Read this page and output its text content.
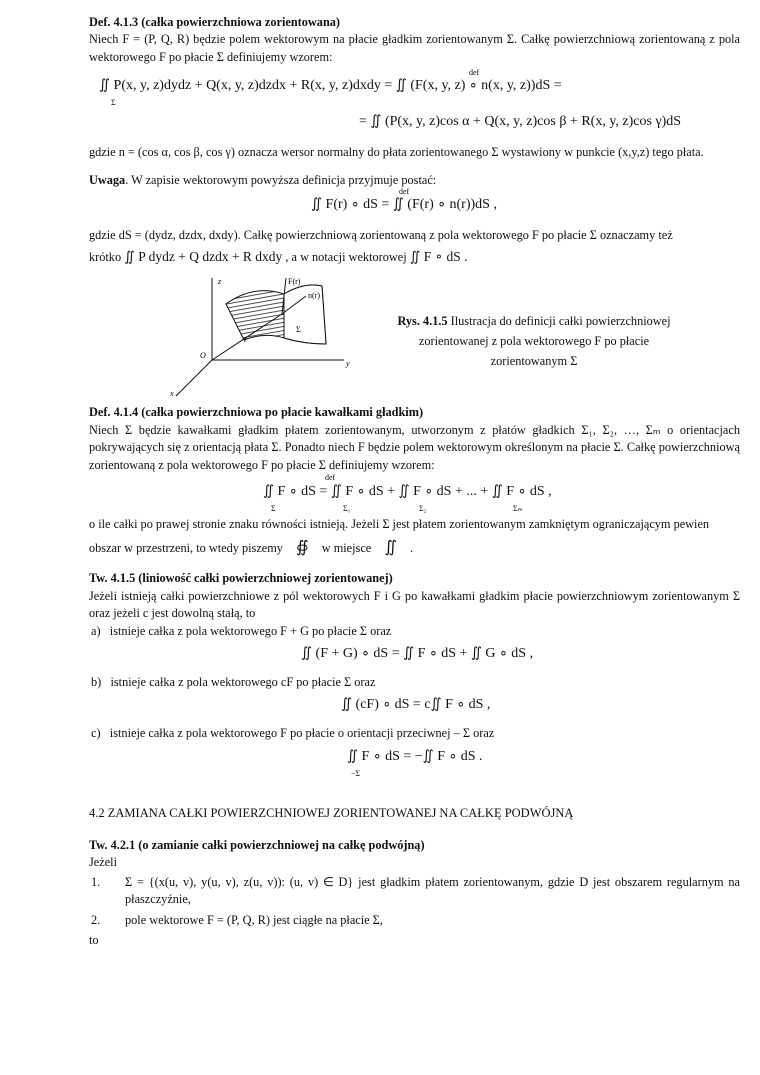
Def. 4.1.3 (całka powierzchniowa zorientowana)

Niech F = (P, Q, R) będzie polem wektorowym na płacie gładkim zorientowanym Σ. Całkę powierzchniową zorientowaną z pola wektorowego F po płacie Σ definiujemy wzorem:

∬ P(x, y, z)dydz + Q(x, y, z)dzdx + R(x, y, z)dxdy = ∬ (F(x, y, z) ∘ n(x, y, z))dS =
Σ
def
= ∬ (P(x, y, z)cos α + Q(x, y, z)cos β + R(x, y, z)cos γ)dS

gdzie n = (cos α, cos β, cos γ) oznacza wersor normalny do płata zorientowanego Σ wystawiony w punkcie (x,y,z) tego płata.

Uwaga. W zapisie wektorowym powyższa definicja przyjmuje postać:

∬ F(r) ∘ dS = ∬ (F(r) ∘ n(r))dS ,
def

gdzie dS = (dydz, dzdx, dxdy). Całkę powierzchniową zorientowaną z pola wektorowego F po płacie Σ oznaczamy też

krótko ∬ P dydz + Q dzdx + R dxdy , a w notacji wektorowej ∬ F ∘ dS .

z
y
x
O
F(r)
n(r)
r
Σ
Rys. 4.1.5 Ilustracja do definicji całki powierzchniowej
zorientowanej z pola wektorowego F po płacie
zorientowanym Σ

Def. 4.1.4 (całka powierzchniowa po płacie kawałkami gładkim)

Niech Σ będzie kawałkami gładkim płatem zorientowanym, utworzonym z płatów gładkich Σ₁, Σ₂, …, Σₘ o orientacjach pokrywających się z orientacją płata Σ. Ponadto niech F będzie polem wektorowym określonym na płacie Σ. Całkę powierzchniową zorientowaną z pola wektorowego F po płacie Σ definiujemy wzorem:

∬ F ∘ dS = ∬ F ∘ dS + ∬ F ∘ dS + ... + ∬ F ∘ dS ,
def
Σ	Σ₁	Σ₂	Σₘ

o ile całki po prawej stronie znaku równości istnieją. Jeżeli Σ jest płatem zorientowanym zamkniętym ograniczającym pewien

obszar w przestrzeni, to wtedy piszemy ∯ w miejsce ∬ .

Tw. 4.1.5 (liniowość całki powierzchniowej zorientowanej)

Jeżeli istnieją całki powierzchniowe z pól wektorowych F i G po kawałkami gładkim płacie powierzchniowym zorientowanym Σ oraz jeżeli c jest dowolną stałą, to

a) istnieje całka z pola wektorowego F + G po płacie Σ oraz

∬ (F + G) ∘ dS = ∬ F ∘ dS + ∬ G ∘ dS ,

b) istnieje całka z pola wektorowego cF po płacie Σ oraz

∬ (cF) ∘ dS = c∬ F ∘ dS ,

c) istnieje całka z pola wektorowego F po płacie o orientacji przeciwnej – Σ oraz

∬ F ∘ dS = −∬ F ∘ dS .
−Σ

4.2 ZAMIANA CAŁKI POWIERZCHNIOWEJ ZORIENTOWANEJ NA CAŁKĘ PODWÓJNĄ

Tw. 4.2.1 (o zamianie całki powierzchniowej na całkę podwójną)

Jeżeli

1. Σ = {(x(u, v), y(u, v), z(u, v)): (u, v) ∈ D} jest gładkim płatem zorientowanym, gdzie D jest obszarem regularnym na płaszczyźnie,
2. pole wektorowe F = (P, Q, R) jest ciągłe na płacie Σ,

to
